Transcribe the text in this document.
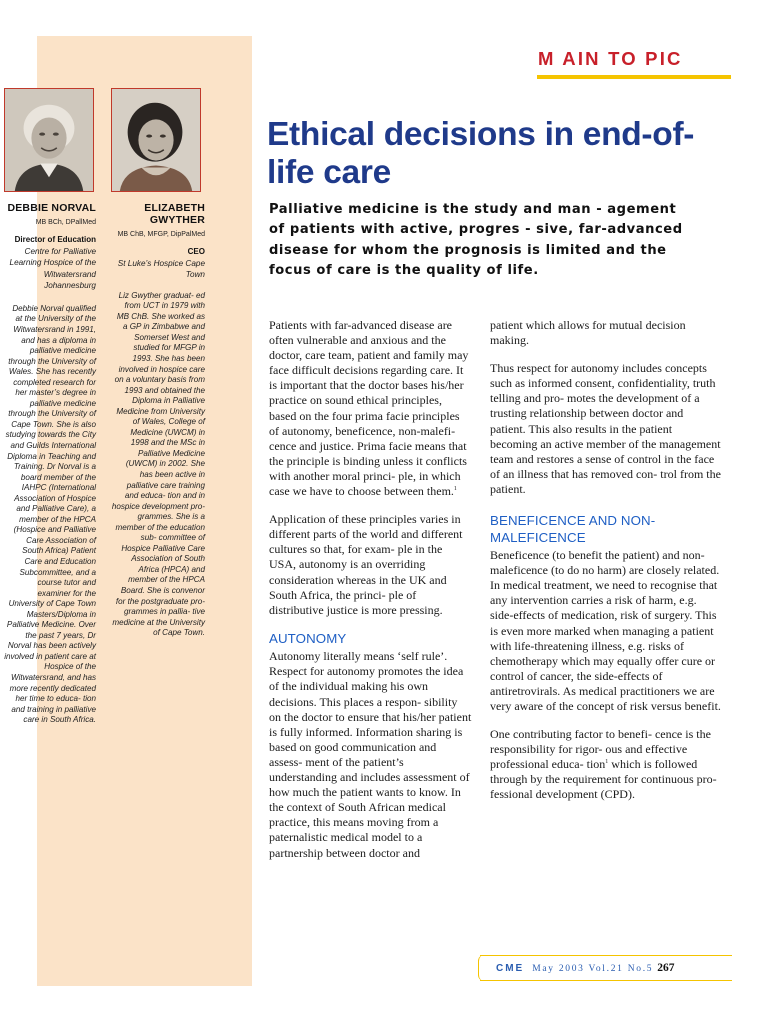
DEBBIE NORVAL
MB BCh, DPallMed
Director of Education
Centre for Palliative Learning Hospice of the Witwatersrand Johannesburg
Debbie Norval qualified at the University of the Witwatersrand in 1991, and has a diploma in palliative medicine through the University of Wales. She has recently completed research for her master’s degree in palliative medicine through the University of Cape Town. She is also studying towards the City and Guilds International Diploma in Teaching and Training. Dr Norval is a board member of the IAHPC (International Association of Hospice and Palliative Care), a member of the HPCA (Hospice and Palliative Care Association of South Africa) Patient Care and Education Subcommittee, and a course tutor and examiner for the University of Cape Town Masters/Diploma in Palliative Medicine. Over the past 7 years, Dr Norval has been actively involved in patient care at Hospice of the Witwatersrand, and has more recently dedicated her time to educa- tion and training in palliative care in South Africa.
ELIZABETH GWYTHER
MB ChB, MFGP, DipPalMed
CEO
St Luke’s Hospice Cape Town
Liz Gwyther graduat- ed from UCT in 1979 with MB ChB. She worked as a GP in Zimbabwe and Somerset West and studied for MFGP in 1993. She has been involved in hospice care on a voluntary basis from 1993 and obtained the Diploma in Palliative Medicine from University of Wales, College of Medicine (UWCM) in 1998 and the MSc in Palliative Medicine (UWCM) in 2002. She has been active in palliative care training and educa- tion and in hospice development pro- grammes. She is a member of the education sub- committee of Hospice Palliative Care Association of South Africa (HPCA) and member of the HPCA Board. She is convenor for the postgraduate pro- grammes in pallia- tive medicine at the University of Cape Town.
M AIN TO PIC
Ethical decisions in end-of-life care
Palliative medicine is the study and man - agement of patients with active, progres - sive, far-advanced disease for whom the prognosis is limited and the focus of care is the quality of life.

Patients with far-advanced disease are often vulnerable and anxious and the doctor, care team, patient and family may face difficult decisions regarding care. It is important that the doctor bases his/her practice on sound ethical principles, based on the four prima facie principles of autonomy, beneficence, non-malefi- cence and justice. Prima facie means that the principle is binding unless it conflicts with another moral princi- ple, in which case we have to choose between them.$^1$

Application of these principles varies in different parts of the world and different cultures so that, for exam- ple in the USA, autonomy is an overriding consideration whereas in the UK and South Africa, the princi- ple of distributive justice is more pressing.

AUTONOMY

Autonomy literally means ‘self rule’. Respect for autonomy promotes the idea of the individual making his own decisions. This places a respon- sibility on the doctor to ensure that his/her patient is fully informed. Information sharing is based on good communication and assess- ment of the patient’s understanding and includes assessment of how much the patient wants to know. In the context of South African medical practice, this means moving from a paternalistic medical model to a partnership between doctor and

patient which allows for mutual decision making.

Thus respect for autonomy includes concepts such as informed consent, confidentiality, truth telling and pro- motes the development of a trusting relationship between doctor and patient. This also results in the patient becoming an active member of the management team and restores a sense of control in the face of an illness that has removed con- trol from the patient.

BENEFICENCE AND NON-MALEFICENCE

Beneficence (to benefit the patient) and non-maleficence (to do no harm) are closely related. In medical treatment, we need to recognise that any intervention carries a risk of harm, e.g. side-effects of medication, risk of surgery. This is even more marked when managing a patient with life-threatening illness, e.g. risks of chemotherapy which may equally offer cure or control of cancer, the side-effects of antiretrovirals. As medical practitioners we are very aware of the concept of risk versus benefit.

One contributing factor to benefi- cence is the responsibility for rigor- ous and effective professional educa- tion$^1$ which is followed through by the requirement for continuous pro- fessional development (CPD).

CME May 2003 Vol.21 No.5 267
